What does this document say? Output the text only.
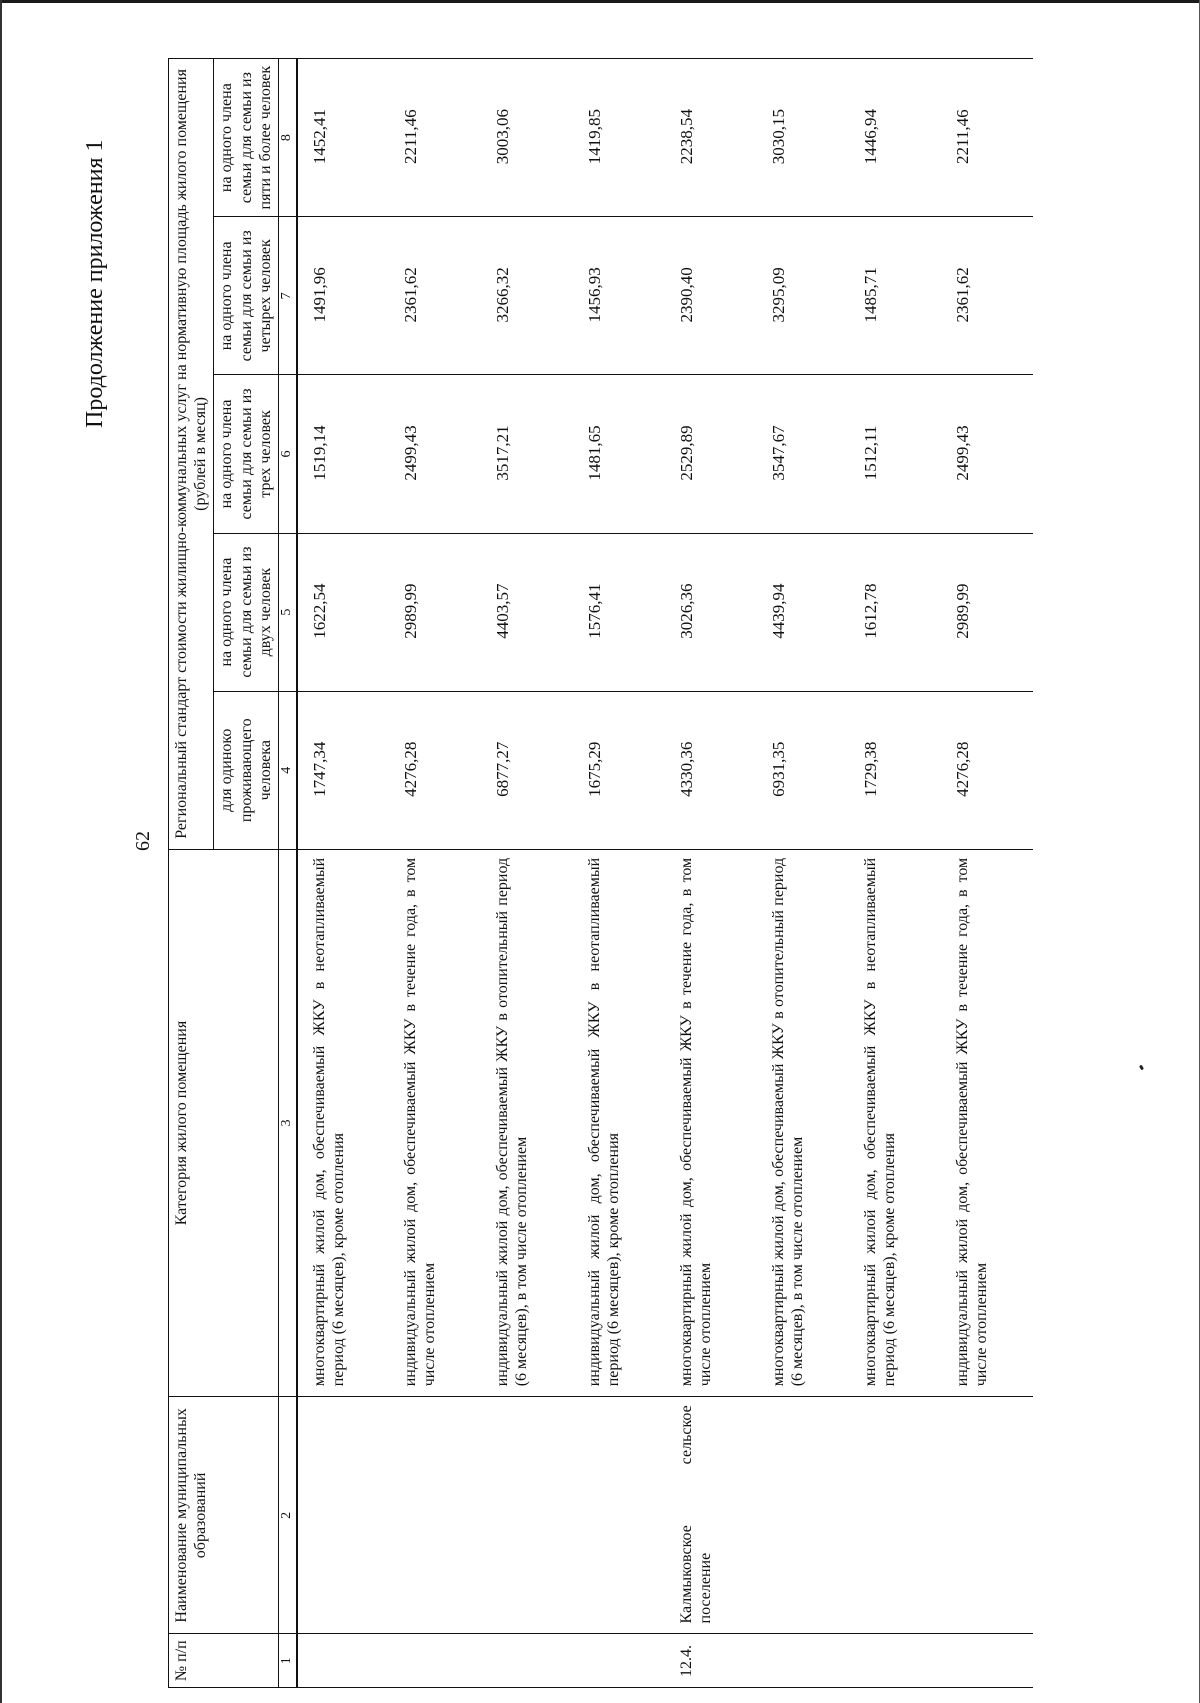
Продолжение приложения 1
62
№ п/п	Наименование муниципальных образований	Категория жилого помещения	Региональный стандарт стоимости жилищно-коммунальных услуг на нормативную площадь жилого помещения (рублей в месяц)				
			для одиноко проживающего человека	на одного члена семьи для семьи из двух человек	на одного члена семьи для семьи из трех человек	на одного члена семьи для семьи из четырех человек	на одного члена семьи для семьи из пяти и более человек
1	2	3	4	5	6	7	8
		многоквартирный жилой дом, обеспечиваемый ЖКУ в неотапливаемый период (6 месяцев), кроме отопления	1747,34	1622,54	1519,14	1491,96	1452,41
		индивидуальный жилой дом, обеспечиваемый ЖКУ в течение года, в том числе отоплением	4276,28	2989,99	2499,43	2361,62	2211,46
		индивидуальный жилой дом, обеспечиваемый ЖКУ в отопительный период (6 месяцев), в том числе отоплением	6877,27	4403,57	3517,21	3266,32	3003,06
		индивидуальный жилой дом, обеспечиваемый ЖКУ в неотапливаемый период (6 месяцев), кроме отопления	1675,29	1576,41	1481,65	1456,93	1419,85
12.4.	Калмыковское сельское поселение	многоквартирный жилой дом, обеспечиваемый ЖКУ в течение года, в том числе отоплением	4330,36	3026,36	2529,89	2390,40	2238,54
		многоквартирный жилой дом, обеспечиваемый ЖКУ в отопительный период (6 месяцев), в том числе отоплением	6931,35	4439,94	3547,67	3295,09	3030,15
		многоквартирный жилой дом, обеспечиваемый ЖКУ в неотапливаемый период (6 месяцев), кроме отопления	1729,38	1612,78	1512,11	1485,71	1446,94
		индивидуальный жилой дом, обеспечиваемый ЖКУ в течение года, в том числе отоплением	4276,28	2989,99	2499,43	2361,62	2211,46
